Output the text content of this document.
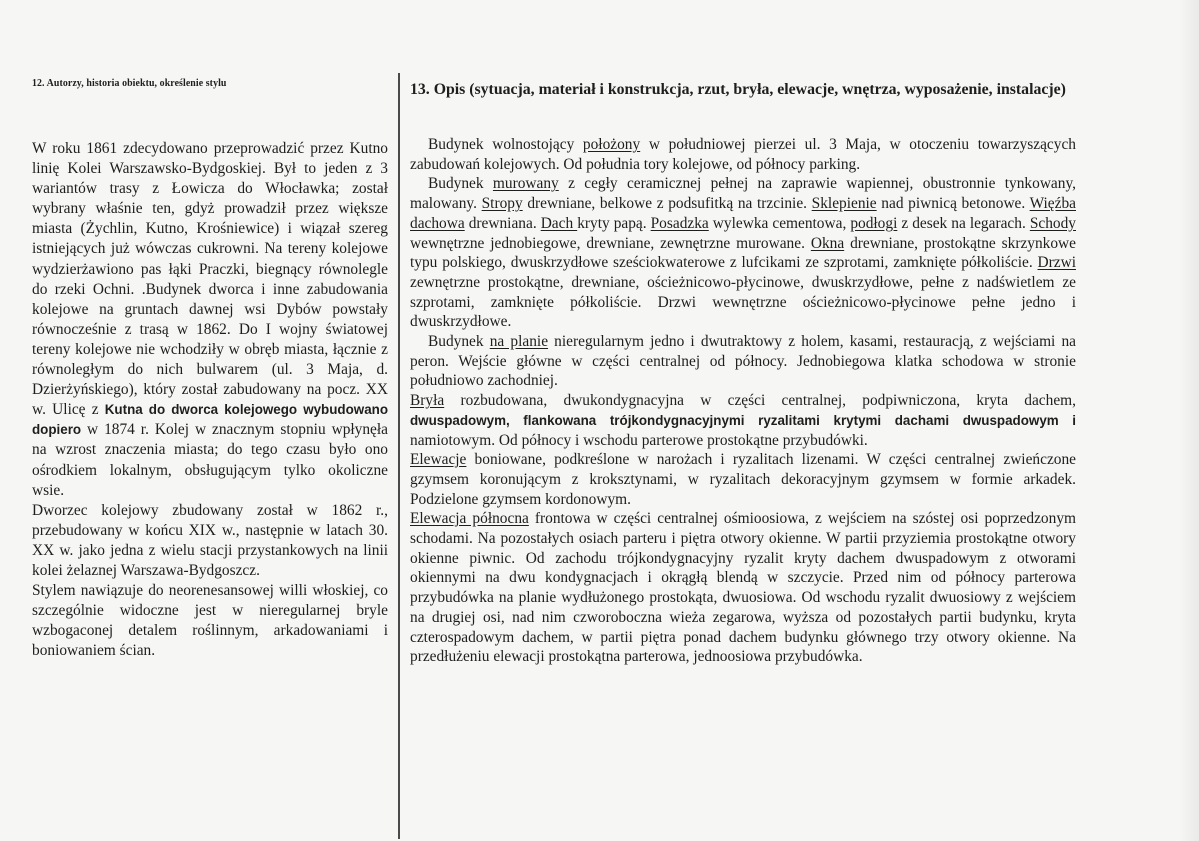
12. Autorzy, historia obiektu, określenie stylu

W roku 1861 zdecydowano przeprowadzić przez Kutno linię Kolei Warszawsko-Bydgoskiej. Był to jeden z 3 wariantów trasy z Łowicza do Włocławka; został wybrany właśnie ten, gdyż prowadził przez większe miasta (Żychlin, Kutno, Krośniewice) i wiązał szereg istniejących już wówczas cukrowni. Na tereny kolejowe wydzierżawiono pas łąki Praczki, biegnący równolegle do rzeki Ochni. .Budynek dworca i inne zabudowania kolejowe na gruntach dawnej wsi Dybów powstały równocześnie z trasą w 1862. Do I wojny światowej tereny kolejowe nie wchodziły w obręb miasta, łącznie z równoległym do nich bulwarem (ul. 3 Maja, d. Dzierżyńskiego), który został zabudowany na pocz. XX w. Ulicę z Kutna do dworca kolejowego wybudowano dopiero w 1874 r. Kolej w znacznym stopniu wpłynęła na wzrost znaczenia miasta; do tego czasu było ono ośrodkiem lokalnym, obsługującym tylko okoliczne wsie.

Dworzec kolejowy zbudowany został w 1862 r., przebudowany w końcu XIX w., następnie w latach 30. XX w. jako jedna z wielu stacji przystankowych na linii kolei żelaznej Warszawa-Bydgoszcz.

Stylem nawiązuje do neorenesansowej willi włoskiej, co szczególnie widoczne jest w nieregularnej bryle wzbogaconej detalem roślinnym, arkadowaniami i boniowaniem ścian.

13. Opis (sytuacja, materiał i konstrukcja, rzut, bryła, elewacje, wnętrza, wyposażenie, instalacje)

Budynek wolnostojący położony w południowej pierzei ul. 3 Maja, w otoczeniu towarzyszących zabudowań kolejowych. Od południa tory kolejowe, od północy parking.

Budynek murowany z cegły ceramicznej pełnej na zaprawie wapiennej, obustronnie tynkowany, malowany. Stropy drewniane, belkowe z podsufitką na trzcinie. Sklepienie nad piwnicą betonowe. Więźba dachowa drewniana. Dach kryty papą. Posadzka wylewka cementowa, podłogi z desek na legarach. Schody wewnętrzne jednobiegowe, drewniane, zewnętrzne murowane. Okna drewniane, prostokątne skrzynkowe typu polskiego, dwuskrzydłowe sześciokwaterowe z lufcikami ze szprotami, zamknięte półkoliście. Drzwi zewnętrzne prostokątne, drewniane, ościeżnicowo-płycinowe, dwuskrzydłowe, pełne z nadświetlem ze szprotami, zamknięte półkoliście. Drzwi wewnętrzne ościeżnicowo-płycinowe pełne jedno i dwuskrzydłowe.

Budynek na planie nieregularnym jedno i dwutraktowy z holem, kasami, restauracją, z wejściami na peron. Wejście główne w części centralnej od północy. Jednobiegowa klatka schodowa w stronie południowo zachodniej.

Bryła rozbudowana, dwukondygnacyjna w części centralnej, podpiwniczona, kryta dachem, dwuspadowym, flankowana trójkondygnacyjnymi ryzalitami krytymi dachami dwuspadowym i namiotowym. Od północy i wschodu parterowe prostokątne przybudówki.

Elewacje boniowane, podkreślone w narożach i ryzalitach lizenami. W części centralnej zwieńczone gzymsem koronującym z kroksztynami, w ryzalitach dekoracyjnym gzymsem w formie arkadek. Podzielone gzymsem kordonowym.

Elewacja północna frontowa w części centralnej ośmioosiowa, z wejściem na szóstej osi poprzedzonym schodami. Na pozostałych osiach parteru i piętra otwory okienne. W partii przyziemia prostokątne otwory okienne piwnic. Od zachodu trójkondygnacyjny ryzalit kryty dachem dwuspadowym z otworami okiennymi na dwu kondygnacjach i okrągłą blendą w szczycie. Przed nim od północy parterowa przybudówka na planie wydłużonego prostokąta, dwuosiowa. Od wschodu ryzalit dwuosiowy z wejściem na drugiej osi, nad nim czworoboczna wieża zegarowa, wyższa od pozostałych partii budynku, kryta czterospadowym dachem, w partii piętra ponad dachem budynku głównego trzy otwory okienne. Na przedłużeniu elewacji prostokątna parterowa, jednoosiowa przybudówka.
